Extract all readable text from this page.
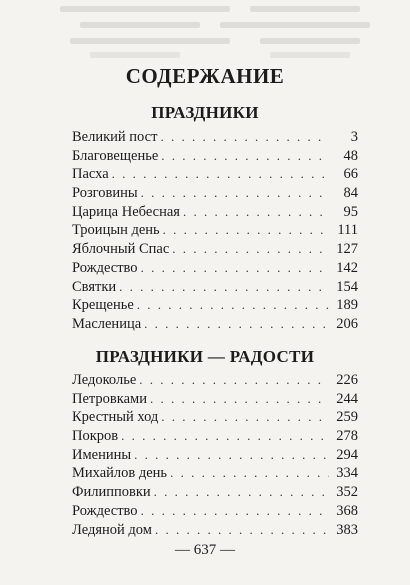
СОДЕРЖАНИЕ
ПРАЗДНИКИ
Великий пост . . .	3
Благовещенье . . .	48
Пасха . . .	66
Розговины . . .	84
Царица Небесная . . .	95
Троицын день . . .	111
Яблочный Спас . . .	127
Рождество . . .	142
Святки . . .	154
Крещенье . . .	189
Масленица . . .	206
ПРАЗДНИКИ — РАДОСТИ
Ледоколье . . .	226
Петровками . . .	244
Крестный ход . . .	259
Покров . . .	278
Именины . . .	294
Михайлов день . . .	334
Филипповки . . .	352
Рождество . . .	368
Ледяной дом . . .	383
— 637 —
